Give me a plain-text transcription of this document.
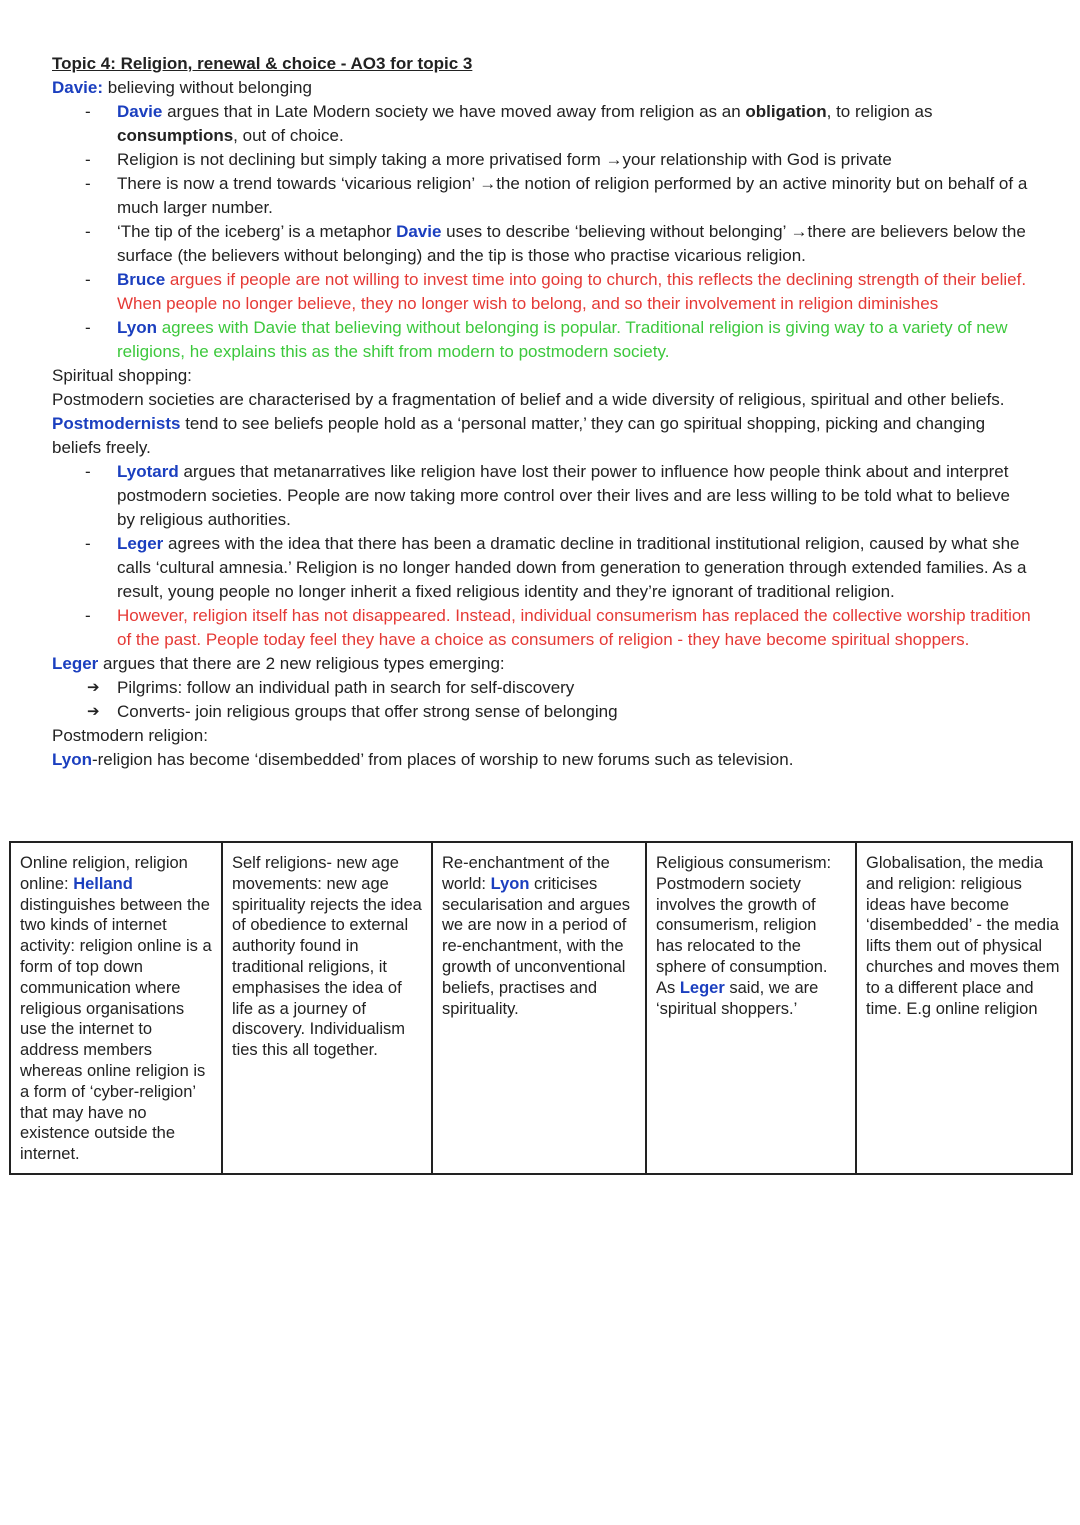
Topic 4: Religion, renewal & choice - AO3 for topic 3

Davie: believing without belonging

- Davie argues that in Late Modern society we have moved away from religion as an obligation, to religion as consumptions, out of choice.
- Religion is not declining but simply taking a more privatised form →your relationship with God is private
- There is now a trend towards ‘vicarious religion’ →the notion of religion performed by an active minority but on behalf of a much larger number.
- ‘The tip of the iceberg’ is a metaphor Davie uses to describe ‘believing without belonging’ →there are believers below the surface (the believers without belonging) and the tip is those who practise vicarious religion.
- Bruce argues if people are not willing to invest time into going to church, this reflects the declining strength of their belief. When people no longer believe, they no longer wish to belong, and so their involvement in religion diminishes
- Lyon agrees with Davie that believing without belonging is popular. Traditional religion is giving way to a variety of new religions, he explains this as the shift from modern to postmodern society.

Spiritual shopping:

Postmodern societies are characterised by a fragmentation of belief and a wide diversity of religious, spiritual and other beliefs. Postmodernists tend to see beliefs people hold as a ‘personal matter,’ they can go spiritual shopping, picking and changing beliefs freely.

- Lyotard argues that metanarratives like religion have lost their power to influence how people think about and interpret postmodern societies. People are now taking more control over their lives and are less willing to be told what to believe by religious authorities.
- Leger agrees with the idea that there has been a dramatic decline in traditional institutional religion, caused by what she calls ‘cultural amnesia.’ Religion is no longer handed down from generation to generation through extended families. As a result, young people no longer inherit a fixed religious identity and they’re ignorant of traditional religion.
- However, religion itself has not disappeared. Instead, individual consumerism has replaced the collective worship tradition of the past. People today feel they have a choice as consumers of religion - they have become spiritual shoppers.

Leger argues that there are 2 new religious types emerging:

➔ Pilgrims: follow an individual path in search for self-discovery
➔ Converts- join religious groups that offer strong sense of belonging

Postmodern religion:

Lyon-religion has become ‘disembedded’ from places of worship to new forums such as television.

Online religion, religion online: Helland distinguishes between the two kinds of internet activity: religion online is a form of top down communication where religious organisations use the internet to address members whereas online religion is a form of ‘cyber-religion’ that may have no existence outside the internet.	Self religions- new age movements: new age spirituality rejects the idea of obedience to external authority found in traditional religions, it emphasises the idea of life as a journey of discovery. Individualism ties this all together.	Re-enchantment of the world: Lyon criticises secularisation and argues we are now in a period of re-enchantment, with the growth of unconventional beliefs, practises and spirituality.	Religious consumerism: Postmodern society involves the growth of consumerism, religion has relocated to the sphere of consumption. As Leger said, we are ‘spiritual shoppers.’	Globalisation, the media and religion: religious ideas have become ‘disembedded’ - the media lifts them out of physical churches and moves them to a different place and time. E.g online religion
